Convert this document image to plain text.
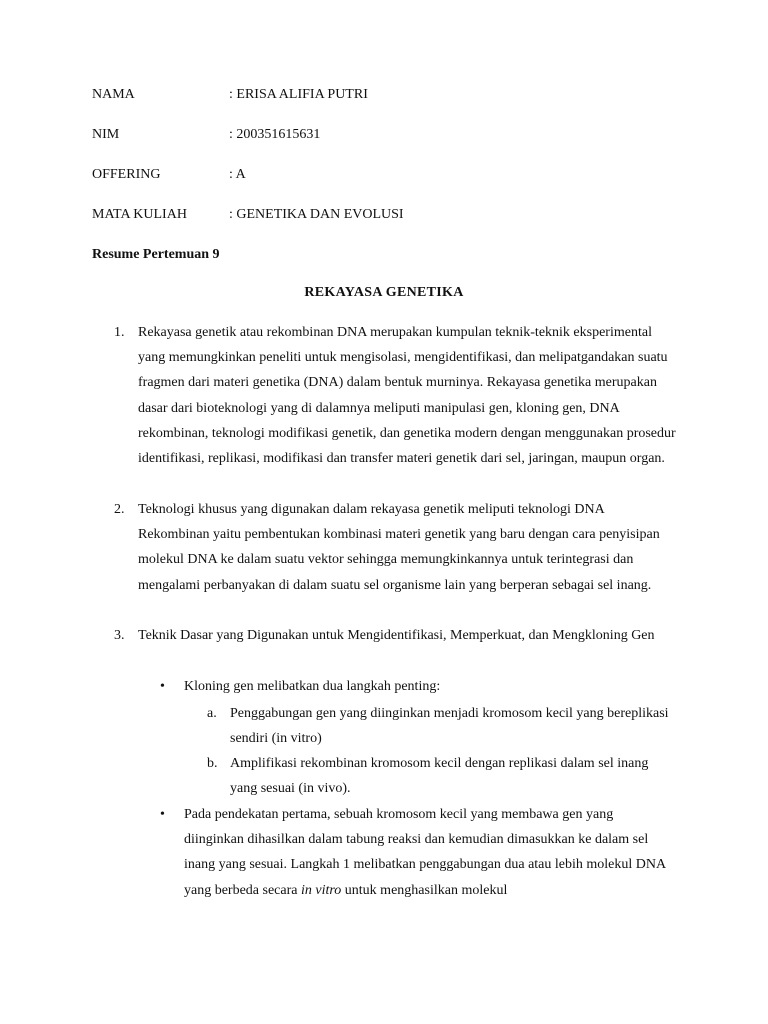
NAMA	: ERISA ALIFIA PUTRI
NIM	: 200351615631
OFFERING	: A
MATA KULIAH	: GENETIKA DAN EVOLUSI
Resume Pertemuan 9
REKAYASA GENETIKA
1. Rekayasa genetik atau rekombinan DNA merupakan kumpulan teknik-teknik eksperimental yang memungkinkan peneliti untuk mengisolasi, mengidentifikasi, dan melipatgandakan suatu fragmen dari materi genetika (DNA) dalam bentuk murninya. Rekayasa genetika merupakan dasar dari bioteknologi yang di dalamnya meliputi manipulasi gen, kloning gen, DNA rekombinan, teknologi modifikasi genetik, dan genetika modern dengan menggunakan prosedur identifikasi, replikasi, modifikasi dan transfer materi genetik dari sel, jaringan, maupun organ.
2. Teknologi khusus yang digunakan dalam rekayasa genetik meliputi teknologi DNA Rekombinan yaitu pembentukan kombinasi materi genetik yang baru dengan cara penyisipan molekul DNA ke dalam suatu vektor sehingga memungkinkannya untuk terintegrasi dan mengalami perbanyakan di dalam suatu sel organisme lain yang berperan sebagai sel inang.
3. Teknik Dasar yang Digunakan untuk Mengidentifikasi, Memperkuat, dan Mengkloning Gen
• Kloning gen melibatkan dua langkah penting:
a. Penggabungan gen yang diinginkan menjadi kromosom kecil yang bereplikasi sendiri (in vitro)
b. Amplifikasi rekombinan kromosom kecil dengan replikasi dalam sel inang yang sesuai (in vivo).
• Pada pendekatan pertama, sebuah kromosom kecil yang membawa gen yang diinginkan dihasilkan dalam tabung reaksi dan kemudian dimasukkan ke dalam sel inang yang sesuai. Langkah 1 melibatkan penggabungan dua atau lebih molekul DNA yang berbeda secara in vitro untuk menghasilkan molekul
